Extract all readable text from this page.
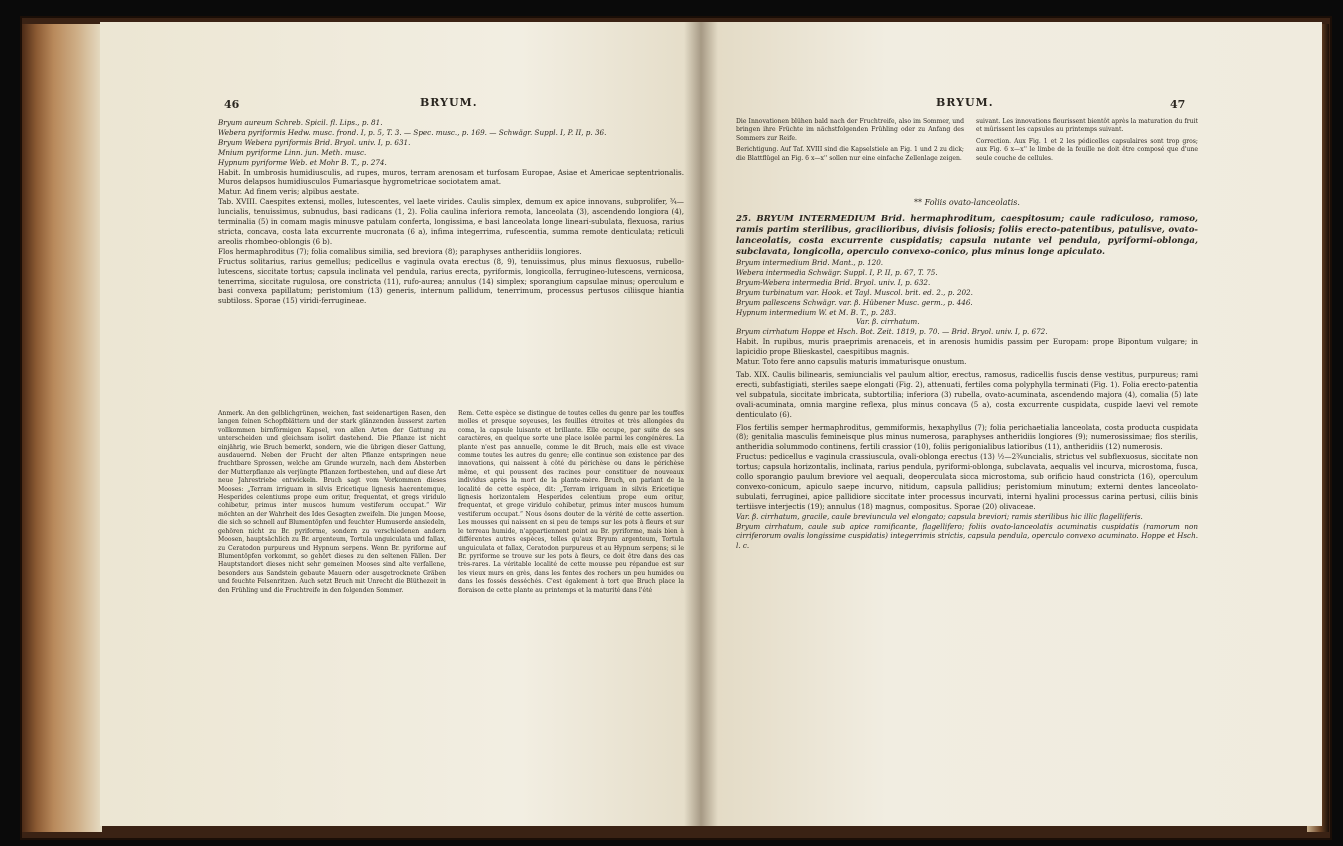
46	BRYUM.

Bryum aureum Schreb. Spicil. fl. Lips., p. 81.

Webera pyriformis Hedw. musc. frond. I, p. 5, T. 3. — Spec. musc., p. 169. — Schwägr. Suppl. I, P. II, p. 36.

Bryum Webera pyriformis Brid. Bryol. univ. I, p. 631.

Mnium pyriforme Linn. jun. Meth. musc.

Hypnum pyriforme Web. et Mohr B. T., p. 274.

Habit. In umbrosis humidiusculis, ad rupes, muros, terram arenosam et turfosam Europae, Asiae et Americae septentrionalis. Muros delapsos humidiusculos Fumariasque hygrometricae sociotatem amat.

Matur. Ad finem veris; alpibus aestate.

Tab. XVIII. Caespites extensi, molles, lutescentes, vel laete virides. Caulis simplex, demum ex apice innovans, subprolifer, ¾—luncialis, tenuissimus, subnudus, basi radicans (1, 2). Folia caulina inferiora remota, lanceolata (3), ascendendo longiora (4), terminalia (5) in comam magis minusve patulam conferta, longissima, e basi lanceolata longe lineari-subulata, flexuosa, rarius stricta, concava, costa lata excurrente mucronata (6 a), infima integerrima, rufescentia, summa remote denticulata; reticuli areolis rhombeo-oblongis (6 b).

Flos hermaphroditus (7); folia comalibus similia, sed breviora (8); paraphyses antheridiis longiores.

Fructus solitarius, rarius gemellus; pedicellus e vaginula ovata erectus (8, 9), tenuissimus, plus minus flexuosus, rubello-lutescens, siccitate tortus; capsula inclinata vel pendula, rarius erecta, pyriformis, longicolla, ferrugineo-lutescens, vernicosa, tenerrima, siccitate rugulosa, ore constricta (11), rufo-aurea; annulus (14) simplex; sporangium capsulae minus; operculum e basi convexa papillatum; peristomium (13) generis, internum pallidum, tenerrimum, processus pertusos ciliisque hiantia subtiloss. Sporae (15) viridi-ferrugineae.

Anmerk. An den gelblichgrünen, weichen, fast seidenartigen Rasen, den langen feinen Schopfblättern und der stark glänzenden äusserst zarten vollkommen birnförmigen Kapsel, von allen Arten der Gattung zu unterscheiden und gleichsam isolirt dastehend. Die Pflanze ist nicht einjährig, wie Bruch bemerkt, sondern, wie die übrigen dieser Gattung, ausdauernd. Neben der Frucht der alten Pflanze entspringen neue fruchtbare Sprossen, welche am Grunde wurzeln, nach dem Absterben der Mutterpflanze als verjüngte Pflanzen fortbestehen, und auf diese Art neue Jahrestriebe entwickeln. Bruch sagt vom Vorkommen dieses Mooses: „Terram irriguam in silvis Ericetique lignesis haerentemque, Hesperides celentiums prope eum oritur, frequentat, et gregs viridulo cohibetur, primus inter muscos humum vestiferum occupat.“ Wir möchten an der Wahrheit des Ides Gesagten zweifeln. Die jungen Moose, die sich so schnell auf Blumentöpfen und feuchter Humuserde ansiedeln, gehören nicht zu Br. pyriforme, sondern zu verschiedenen andern Moosen, hauptsächlich zu Br. argenteum, Tortula unguiculata und fallax, zu Ceratodon purpureus und Hypnum serpens. Wenn Br. pyriforme auf Blumentöpfen vorkommt, so gehört dieses zu den seltenen Fällen. Der Hauptstandort dieses nicht sehr gemeinen Mooses sind alte verfallene, besonders aus Sandstein gebaute Mauern oder ausgetrocknete Gräben und feuchte Felsenritzen. Auch setzt Bruch mit Unrecht die Blüthezeit in den Frühling und die Fruchtreife in den folgenden Sommer.

Rem. Cette espèce se distingue de toutes celles du genre par les touffes molles et presque soyeuses, les feuilles étroites et très allongées du coma, la capsule luisante et brillante. Elle occupe, par suite de ses caractères, en quelque sorte une place isolée parmi les congénères. La plante n'est pas annuelle, comme le dit Bruch, mais elle est vivace comme toutes les autres du genre; elle continue son existence par des innovations, qui naissent à côté du périchèse ou dans le périchèse même, et qui poussent des racines pour constituer de nouveaux individus après la mort de la plante-mère. Bruch, en parlant de la localité de cette espèce, dit: „Terram irriguam in silvis Ericetique lignesis horizontalem Hesperides celentium prope eum oritur, frequentat, et grege viridulo cohibetur, primus inter muscos humum vestiferum occupat.“ Nous ôsons douter de la vérité de cette assertion. Les mousses qui naissent en si peu de temps sur les pots à fleurs et sur le terreau humide, n'appartiennent point au Br. pyriforme, mais bien à différentes autres espèces, telles qu'aux Bryum argenteum, Tortula unguiculata et fallax, Ceratodon purpureus et au Hypnum serpens; si le Br. pyriforme se trouve sur les pots à fleurs, ce doit être dans des cas très-rares. La véritable localité de cette mousse peu répandue est sur les vieux murs en grès, dans les fentes des rochers un peu humides ou dans les fossés desséchés. C'est également à tort que Bruch place la floraison de cette plante au printemps et la maturité dans l'été

BRYUM.	47

Die Innovationen blühen bald nach der Fruchtreife, also im Sommer, und bringen ihre Früchte im nächstfolgenden Frühling oder zu Anfang des Sommers zur Reife.

Berichtigung. Auf Taf. XVIII sind die Kapselstiele an Fig. 1 und 2 zu dick; die Blattflügel an Fig. 6 x—x'' sollen nur eine einfache Zellenlage zeigen.

suivant. Les innovations fleurissent bientôt après la maturation du fruit et mûrissent les capsules au printemps suivant.

Correction. Aux Fig. 1 et 2 les pédicelles capsulaires sont trop gros; aux Fig. 6 x—x'' le limbe de la feuille ne doit être composé que d'une seule couche de cellules.

** Foliis ovato-lanceolatis.

25. BRYUM INTERMEDIUM Brid. hermaphroditum, caespitosum; caule radiculoso, ramoso, ramis partim sterilibus, gracilioribus, divisis foliosis; foliis erecto-patentibus, patulisve, ovato-lanceolatis, costa excurrente cuspidatis; capsula nutante vel pendula, pyriformi-oblonga, subclavata, longicolla, operculo convexo-conico, plus minus longe apiculato.

Bryum intermedium Brid. Mant., p. 120.

Webera intermedia Schwägr. Suppl. I, P. II, p. 67, T. 75.

Bryum-Webera intermedia Brid. Bryol. univ. I, p. 632.

Bryum turbinatum var. Hook. et Tayl. Muscol. brit. ed. 2., p. 202.

Bryum pallescens Schwägr. var. β. Hübener Musc. germ., p. 446.

Hypnum intermedium W. et M. B. T., p. 283.

Var. β. cirrhatum.

Bryum cirrhatum Hoppe et Hsch. Bot. Zeit. 1819, p. 70. — Brid. Bryol. univ. I, p. 672.

Habit. In rupibus, muris praeprimis arenaceis, et in arenosis humidis passim per Europam: prope Bipontum vulgare; in lapicidio prope Blieskastel, caespitibus magnis.

Matur. Toto fere anno capsulis maturis immaturisque onustum.

Tab. XIX. Caulis bilinearis, semiuncialis vel paulum altior, erectus, ramosus, radicellis fuscis dense vestitus, purpureus; rami erecti, subfastigiati, steriles saepe elongati (Fig. 2), attenuati, fertiles coma polyphylla terminati (Fig. 1). Folia erecto-patentia vel subpatula, siccitate imbricata, subtortilia; inferiora (3) rubella, ovato-acuminata, ascendendo majora (4), comalia (5) late ovali-acuminata, omnia margine reflexa, plus minus concava (5 a), costa excurrente cuspidata, cuspide laevi vel remote denticulato (6).

Flos fertilis semper hermaphroditus, gemmiformis, hexaphyllus (7); folia perichaetialia lanceolata, costa producta cuspidata (8); genitalia masculis femineisque plus minus numerosa, paraphyses antheridiis longiores (9); numerosissimae; flos sterilis, antheridia solummodo continens, fertili crassior (10), foliis perigonialibus latioribus (11), antheridiis (12) numerosis.

Fructus: pedicellus e vaginula crassiuscula, ovali-oblonga erectus (13) ½—2¾uncialis, strictus vel subflexuosus, siccitate non tortus; capsula horizontalis, inclinata, rarius pendula, pyriformi-oblonga, subclavata, aequalis vel incurva, microstoma, fusca, collo sporangio paulum breviore vel aequali, deoperculata sicca microstoma, sub orificio haud constricta (16), operculum convexo-conicum, apiculo saepe incurvo, nitidum, capsula pallidius; peristomium minutum; externi dentes lanceolato-subulati, ferruginei, apice pallidiore siccitate inter processus incurvati, interni hyalini processus carina pertusi, ciliis binis tertiisve interjectis (19); annulus (18) magnus, compositus. Sporae (20) olivaceae.

Var. β. cirrhatum, gracile, caule breviuncula vel elongato; capsula breviori; ramis sterilibus hic illic flagelliferis.

Bryum cirrhatum, caule sub apice ramificante, flagellifero; foliis ovato-lanceolatis acuminatis cuspidatis (ramorum non cirriferorum ovalis longissime cuspidatis) integerrimis strictis, capsula pendula, operculo convexo acuminato. Hoppe et Hsch. l. c.
